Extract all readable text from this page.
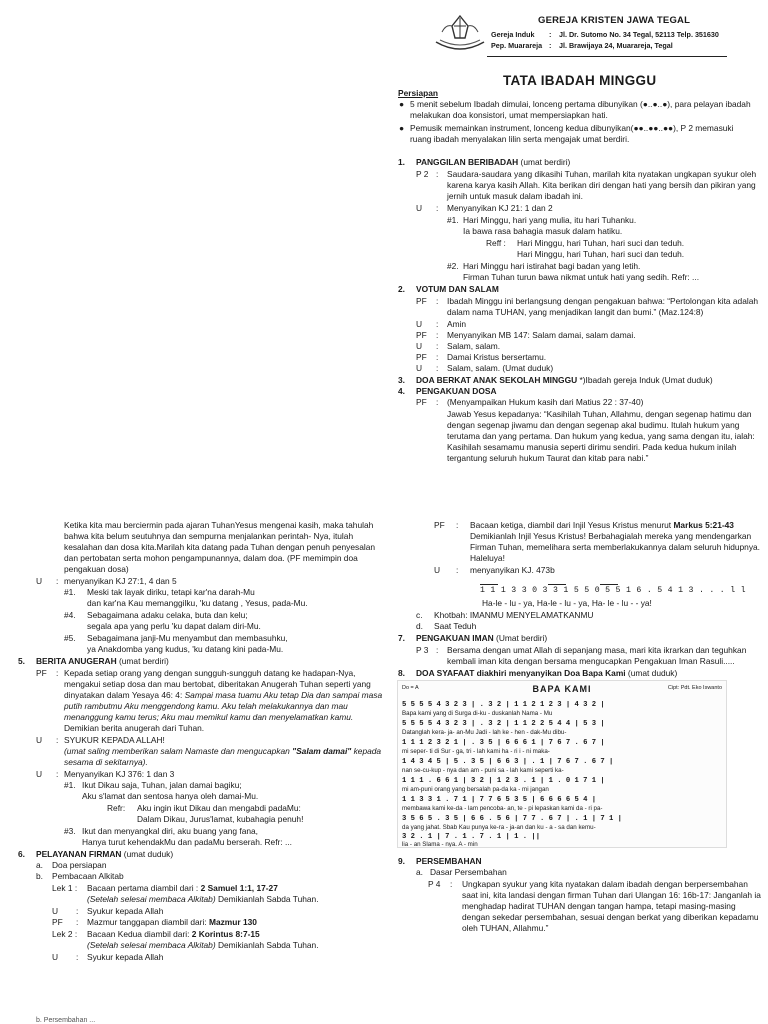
GEREJA KRISTEN JAWA TEGAL
Gereja Induk : Jl. Dr. Sutomo No. 34 Tegal, 52113 Telp. 351630
Pep. Muarareja : Jl. Brawijaya 24, Muarareja, Tegal
TATA IBADAH MINGGU
Persiapan
● 5 menit sebelum Ibadah dimulai, lonceng pertama dibunyikan (●..●..●), para pelayan ibadah
melakukan doa konsistori, umat mempersiapkan hati.
● Pemusik memainkan instrument, lonceng kedua dibunyikan(●●..●●..●●), P 2 memasuki
ruang ibadah menyalakan lilin serta mengajak umat berdiri.
1. PANGGILAN BERIBADAH (umat berdiri)
P 2 : Saudara-saudara yang dikasihi Tuhan, marilah kita nyatakan ungkapan syukur oleh
karena karya kasih Allah. Kita berikan diri dengan hati yang bersih dan pikiran yang
jernih untuk masuk dalam ibadah ini.
U : Menyanyikan KJ 21: 1 dan 2
#1. Hari Minggu, hari yang mulia, itu hari Tuhanku.
Ia bawa rasa bahagia masuk dalam hatiku.
Reff : Hari Minggu, hari Tuhan, hari suci dan teduh.
Hari Minggu, hari Tuhan, hari suci dan teduh.
#2. Hari Minggu hari istirahat bagi badan yang letih.
Firman Tuhan turun bawa nikmat untuk hati yang sedih. Refr: ...
2. VOTUM DAN SALAM
PF : Ibadah Minggu ini berlangsung dengan pengakuan bahwa: “Pertolongan kita adalah
dalam nama TUHAN, yang menjadikan langit dan bumi.” (Maz.124:8)
U : Amin
PF : Menyanyikan MB 147: Salam damai, salam damai.
U : Salam, salam.
PF : Damai Kristus bersertamu.
U : Salam, salam. (Umat duduk)
3. DOA BERKAT ANAK SEKOLAH MINGGU *)Ibadah gereja Induk (Umat duduk)
4. PENGAKUAN DOSA
PF : (Menyampaikan Hukum kasih dari Matius 22 : 37-40)
Jawab Yesus kepadanya: “Kasihilah Tuhan, Allahmu, dengan segenap hatimu dan
dengan segenap jiwamu dan dengan segenap akal budimu. Itulah hukum yang
terutama dan yang pertama. Dan hukum yang kedua, yang sama dengan itu, ialah:
Kasihilah sesamamu manusia seperti dirimu sendiri. Pada kedua hukum inilah
tergantung seluruh hukum Taurat dan kitab para nabi.”
Ketika kita mau berciermin pada ajaran TuhanYesus mengenai kasih, maka tahulah
bahwa kita belum seutuhnya dan sempurna menjalankan perintah- Nya, itulah
kesalahan dan dosa kita.Marilah kita datang pada Tuhan dengan penuh penyesalan
dan pertobatan serta mohon pengampunannya, dalam doa. (PF memimpin doa
pengakuan dosa)
U : menyanyikan KJ 27:1, 4 dan 5
#1. Meski tak layak diriku, tetapi kar'na darah-Mu
dan kar'na Kau memanggilku, 'ku datang , Yesus, pada-Mu.
#4. Sebagaimana adaku celaka, buta dan kelu;
segala apa yang perlu 'ku dapat dalam diri-Mu.
#5. Sebagaimana janji-Mu menyambut dan membasuhku,
ya Anakdomba yang kudus, 'ku datang kini pada-Mu.
5. BERITA ANUGERAH (umat berdiri)
PF : Kepada setiap orang yang dengan sungguh-sungguh datang ke hadapan-Nya,
mengakui setiap dosa dan mau bertobat, diberitakan Anugerah Tuhan seperti yang
dinyatakan dalam Yesaya 46: 4: Sampai masa tuamu Aku tetap Dia dan sampai masa
putih rambutmu Aku menggendong kamu. Aku telah melakukannya dan mau
menanggung kamu terus; Aku mau memikul kamu dan menyelamatkan kamu.
Demikian berita anugerah dari Tuhan.
U : SYUKUR KEPADA ALLAH!
(umat saling memberikan salam Namaste dan mengucapkan "Salam damai" kepada
sesama di sekitarnya).
U : Menyanyikan KJ 376: 1 dan 3
#1. Ikut Dikau saja, Tuhan, jalan damai bagiku;
Aku s'lamat dan sentosa hanya oleh damai-Mu.
Refr: Aku ingin ikut Dikau dan mengabdi padaMu:
Dalam Dikau, Jurus'lamat, kubahagia penuh!
#3. Ikut dan menyangkal diri, aku buang yang fana,
Hanya turut kehendakMu dan padaMu berserah. Refr: ...
6. PELAYANAN FIRMAN (umat duduk)
a. Doa persiapan
b. Pembacaan Alkitab
Lek 1 : Bacaan pertama diambil dari : 2 Samuel 1:1, 17-27
(Setelah selesai membaca Alkitab) Demikianlah Sabda Tuhan.
U : Syukur kepada Allah
PF : Mazmur tanggapan diambil dari: Mazmur 130
Lek 2 : Bacaan Kedua diambil dari: 2 Korintus 8:7-15
(Setelah selesai membaca Alkitab) Demikianlah Sabda Tuhan.
U : Syukur kepada Allah
b. Persembahan ...
PF : Bacaan ketiga, diambil dari Injil Yesus Kristus menurut Markus 5:21-43
Demikianlah Injil Yesus Kristus! Berbahagialah mereka yang mendengarkan
Firman Tuhan, memelihara serta memberlakukannya dalam seluruh hidupnya.
Haleluya!
U : menyanyikan KJ. 473b
1 1 1 3 3 0 3 3 1 5 5 0 5 5 1 6 . 5 4 1 3 . . . l l
Ha-le - lu - ya, Ha-le - lu - ya, Ha- le - lu - - ya!
c. Khotbah: IMANMU MENYELAMATKANMU
d. Saat Teduh
7. PENGAKUAN IMAN (Umat berdiri)
P 3 : Bersama dengan umat Allah di sepanjang masa, mari kita ikrarkan dan teguhkan
kembali iman kita dengan bersama mengucapkan Pengakuan Iman Rasuli.....
8. DOA SYAFAAT diakhiri menyanyikan Doa Bapa Kami (umat duduk)
Do = A	BAPA KAMI	Cipt: Pdt. Eko Iswanto
5 5 5 5 4 3 2 3 | . 3 2 | 1 1 2 1 2 3 | 4 3 2 |
Bapa kami yang di Surga di-ku - duskanlah Nama - Mu
5 5 5 5 4 3 2 3 | . 3 2 | 1 1 2 2 5 4 4 | 5 3 |
Datanglah kera- ja- an-Mu Jadi - lah ke - hen - dak-Mu dibu-
1 1 1 2 3 2 1 | . 3 5 | 6 6 6 1 | 7 6 7 . 6 7 |
mi seper- ti di Sur - ga, tri - lah kami ha - ri i - ni maka-
1 4 3 4 5 | 5 . 3 5 | 6 6 3 | . 1 | 7 6 7 . 6 7 |
nan se-cu-kup - nya dan am - puni sa - lah kami seperti ka-
1 1 1 . 6 6 1 | 3 2 | 1 2 3 . 1 | 1 . 0 1 7 1 |
mi am-puni orang yang bersalah pa-da ka - mi jangan
1 1 3 3 1 . 7 1 | 7 7 6 5 3 5 | 6 6 6 6 5 4 |
membawa kami ke-da - lam pencoba- an, te - pi lepaskan kami da - ri pa-
3 5 6 5 . 3 5 | 6 6 . 5 6 | 7 7 . 6 7 | . 1 | 7 1 |
da yang jahat. Sbab Kau punya ke-ra - ja-an dan ku - a - sa dan kemu-
3 2 . 1 | 7 . 1 . 7 . 1 | 1 . ||
lia - an Slama - nya. A - min
9. PERSEMBAHAN
a. Dasar Persembahan
P 4 : Ungkapan syukur yang kita nyatakan dalam ibadah dengan berpersembahan
saat ini, kita landasi dengan firman Tuhan dari Ulangan 16: 16b-17: Janganlah ia
menghadap hadirat TUHAN dengan tangan hampa, tetapi masing-masing
dengan sekedar persembahan, sesuai dengan berkat yang diberikan kepadamu
oleh TUHAN, Allahmu.”
